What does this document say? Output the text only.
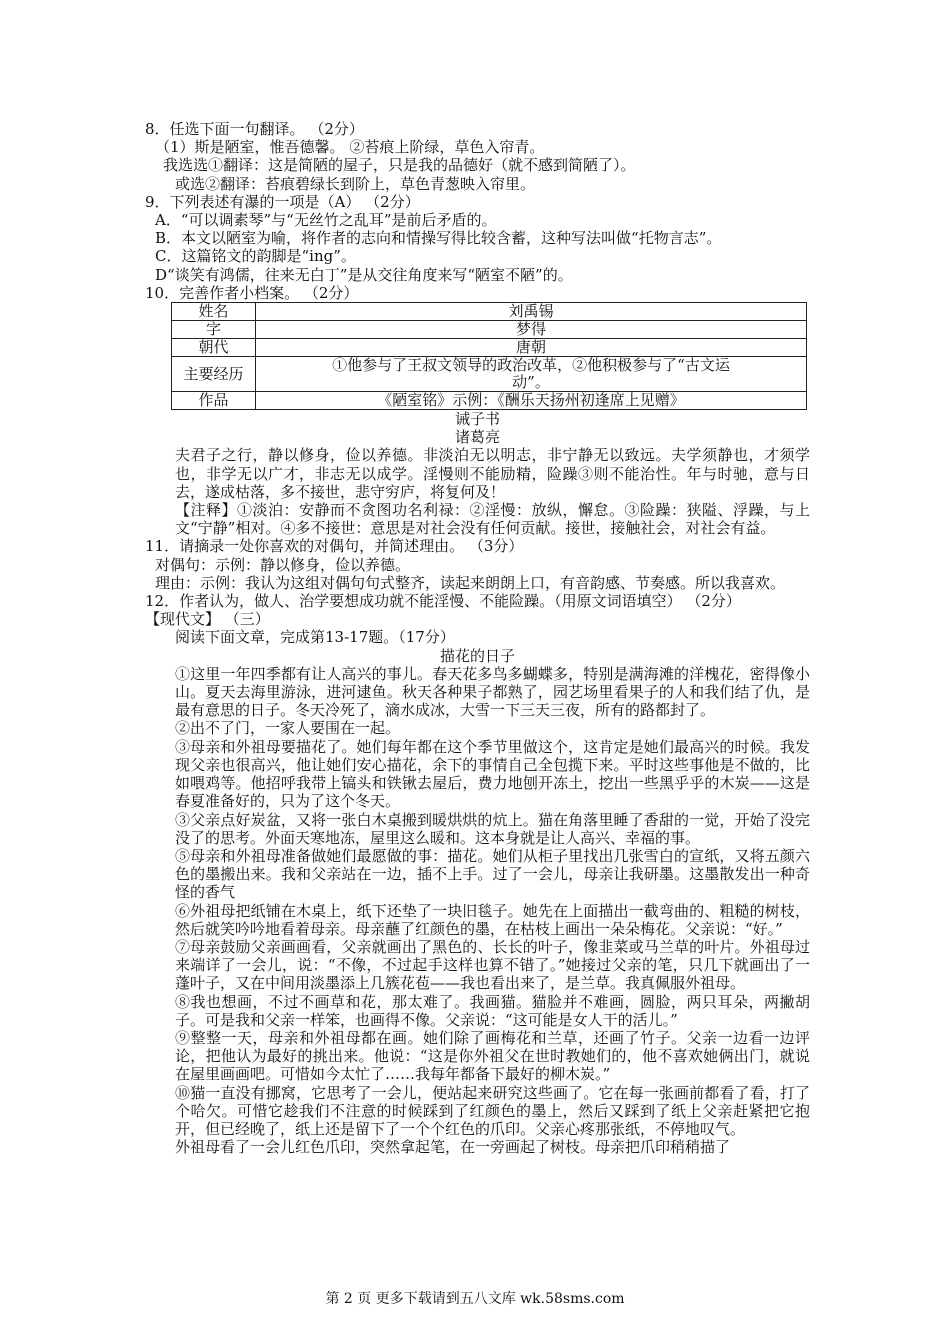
8．任选下面一句翻译。 （2分）
（1）斯是陋室，惟吾德馨。 ②苔痕上阶绿，草色入帘青。
我选选①翻译：这是简陋的屋子，只是我的品德好（就不感到简陋了）。
或选②翻译：苔痕碧绿长到阶上，草色青葱映入帘里。
9．下列表述有瀑的一项是（A） （2分）
A．“可以调素琴”与“无丝竹之乱耳”是前后矛盾的。
B．本文以陋室为喻，将作者的志向和情操写得比较含蓄，这种写法叫做“托物言志”。
C．这篇铭文的韵脚是“ing”。
D“谈笑有鸿儒，往来无白丁”是从交往角度来写“陋室不陋”的。
10．完善作者小档案。 （2分）
姓名	刘禹锡
字	梦得
朝代	唐朝
主要经历	①他参与了王叔文领导的政治改革，②他积极参与了“古文运动”。
作品	《陋室铭》示例：《酬乐天扬州初逢席上见赠》
诫子书
诸葛亮
夫君子之行，静以修身，俭以养德。非淡泊无以明志，非宁静无以致远。夫学须静也，才须学也，非学无以广才，非志无以成学。淫慢则不能励精，险躁③则不能治性。年与时驰，意与日去，遂成枯落，多不接世，悲守穷庐，将复何及！
【注释】①淡泊：安静而不贪图功名利禄：②淫慢：放纵，懈怠。③险躁：狭隘、浮躁，与上文“宁静”相对。④多不接世：意思是对社会没有任何贡献。接世，接触社会，对社会有益。
11．请摘录一处你喜欢的对偶句，并简述理由。 （3分）
对偶句：示例：静以修身，俭以养德。
理由：示例：我认为这组对偶句句式整齐，读起来朗朗上口，有音韵感、节奏感。所以我喜欢。
12．作者认为，做人、治学要想成功就不能淫慢、不能险躁。（用原文词语填空） （2分）
【现代文】 （三）
阅读下面文章，完成第13-17题。（17分）
描花的日子
①这里一年四季都有让人高兴的事儿。春天花多鸟多蝴蝶多，特别是满海滩的洋槐花，密得像小山。夏天去海里游泳，进河逮鱼。秋天各种果子都熟了，园艺场里看果子的人和我们结了仇，是最有意思的日子。冬天冷死了，滴水成冰，大雪一下三天三夜，所有的路都封了。
②出不了门，一家人要围在一起。
③母亲和外祖母要描花了。她们每年都在这个季节里做这个，这肯定是她们最高兴的时候。我发现父亲也很高兴，他让她们安心描花，余下的事情自己全包揽下来。平时这些事他是不做的，比如喂鸡等。他招呼我带上镐头和铁锹去屋后，费力地刨开冻土，挖出一些黑乎乎的木炭——这是春夏准备好的，只为了这个冬天。
③父亲点好炭盆，又将一张白木桌搬到暖烘烘的炕上。猫在角落里睡了香甜的一觉，开始了没完没了的思考。外面天寒地冻，屋里这么暖和。这本身就是让人高兴、幸福的事。
⑤母亲和外祖母准备做她们最愿做的事：描花。她们从柜子里找出几张雪白的宣纸，又将五颜六色的墨搬出来。我和父亲站在一边，插不上手。过了一会儿，母亲让我研墨。这墨散发出一种奇怪的香气
⑥外祖母把纸铺在木桌上，纸下还垫了一块旧毯子。她先在上面描出一截弯曲的、粗糙的树枝，然后就笑吟吟地看着母亲。母亲蘸了红颜色的墨，在枯枝上画出一朵朵梅花。父亲说：“好。”
⑦母亲鼓励父亲画画看，父亲就画出了黑色的、长长的叶子，像韭菜或马兰草的叶片。外祖母过来端详了一会儿，说：“不像，不过起手这样也算不错了。”她接过父亲的笔，只几下就画出了一蓬叶子，又在中间用淡墨添上几簇花苞——我也看出来了，是兰草。我真佩服外祖母。
⑧我也想画，不过不画草和花，那太难了。我画猫。猫脸并不难画，圆脸，两只耳朵，两撇胡子。可是我和父亲一样笨，也画得不像。父亲说：“这可能是女人干的活儿。”
⑨整整一天，母亲和外祖母都在画。她们除了画梅花和兰草，还画了竹子。父亲一边看一边评论，把他认为最好的挑出来。他说：“这是你外祖父在世时教她们的，他不喜欢她俩出门，就说在屋里画画吧。可惜如今太忙了……我每年都备下最好的柳木炭。”
⑩猫一直没有挪窝，它思考了一会儿，便站起来研究这些画了。它在每一张画前都看了看，打了个哈欠。可惜它趁我们不注意的时候踩到了红颜色的墨上，然后又踩到了纸上父亲赶紧把它抱开，但已经晚了，纸上还是留下了一个个红色的爪印。父亲心疼那张纸，不停地叹气。
外祖母看了一会儿红色爪印，突然拿起笔，在一旁画起了树枝。母亲把爪印稍稍描了
第 2 页 更多下载请到五八文库 wk.58sms.com
